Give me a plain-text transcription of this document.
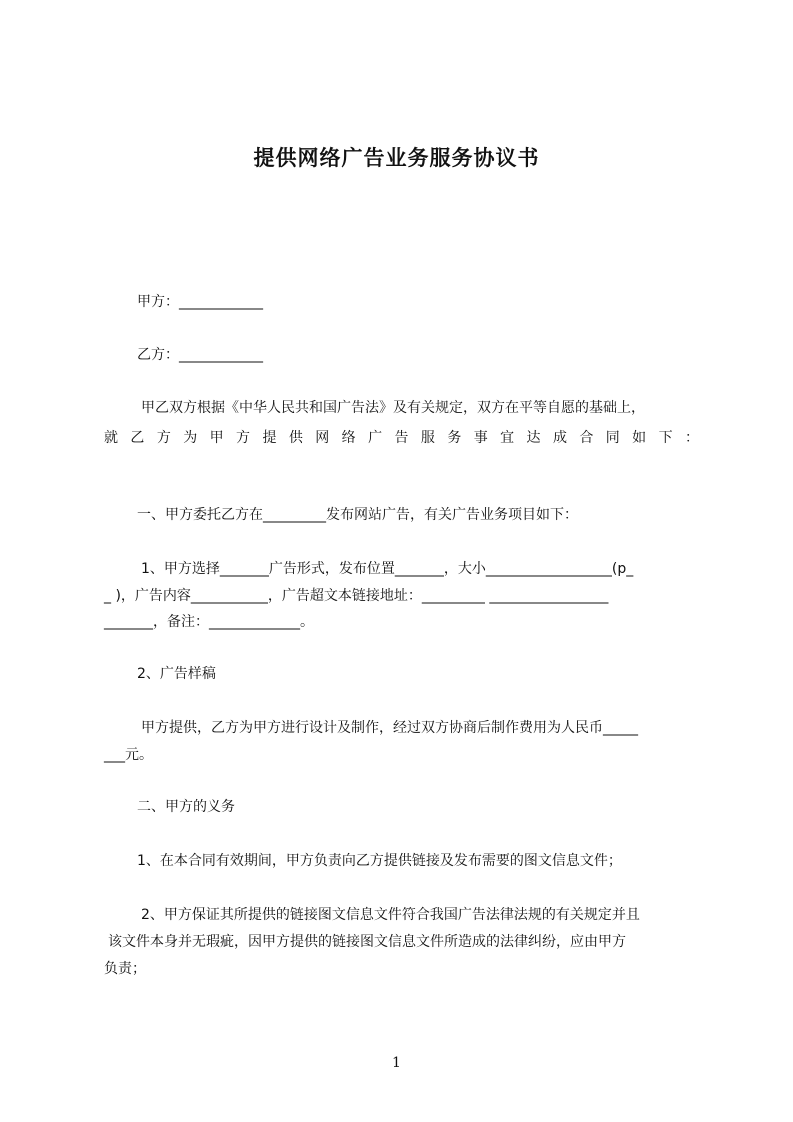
提供网络广告业务服务协议书
甲方：____________
乙方：____________
甲乙双方根据《中华人民共和国广告法》及有关规定，双方在平等自愿的基础上，
就 乙 方 为 甲 方 提 供 网 络 广 告 服 务 事 宜 达 成 合 同 如 下 ：
一、甲方委托乙方在_________发布网站广告，有关广告业务项目如下：
1、甲方选择_______广告形式，发布位置_______，大小__________________(p_
_ )，广告内容___________，广告超文本链接地址：_________ _________________
_______，备注：_____________。
2、广告样稿
甲方提供，乙方为甲方进行设计及制作，经过双方协商后制作费用为人民币_____
___元。
二、甲方的义务
1、在本合同有效期间，甲方负责向乙方提供链接及发布需要的图文信息文件；
2、甲方保证其所提供的链接图文信息文件符合我国广告法律法规的有关规定并且
该文件本身并无瑕疵，因甲方提供的链接图文信息文件所造成的法律纠纷，应由甲方
负责；
1
